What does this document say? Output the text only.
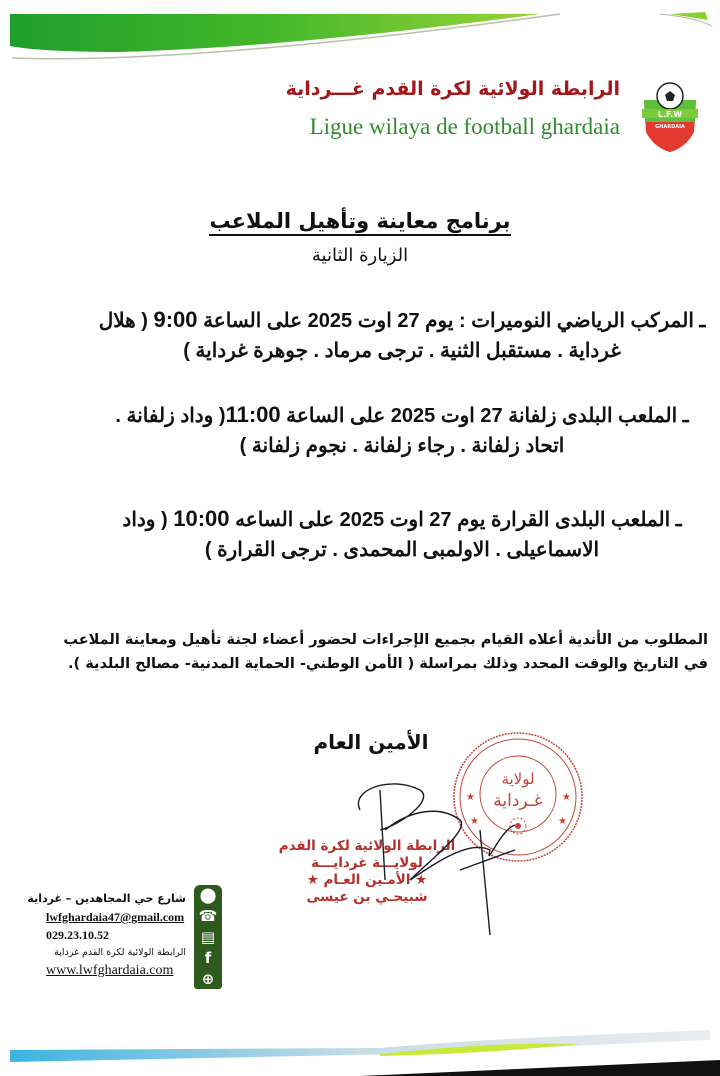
الرابطة الولائية لكرة القدم غـــرداية
Ligue wilaya de football ghardaia	L.F.W
GHARDAIA
برنامج معاينة وتأهيل الملاعب
الزيارة الثانية
ـ المركب الرياضي النوميرات : يوم 27 اوت 2025 على الساعة 9:00 ( هلال غرداية . مستقبل الثنية . ترجى مرماد . جوهرة غرداية )
ـ الملعب البلدى زلفانة 27 اوت 2025 على الساعة 11:00( وداد زلفانة . اتحاد زلفانة . رجاء زلفانة . نجوم زلفانة )
ـ الملعب البلدى القرارة يوم 27 اوت 2025 على الساعه 10:00 ( وداد الاسماعيلى . الاولمبى المحمدى . ترجى القرارة )
المطلوب من الأندية أعلاه القيام بجميع الإجراءات لحضور أعضاء لجنة تأهيل ومعاينة الملاعب في التاريخ والوقت المحدد وذلك بمراسلة ( الأمن الوطني- الحماية المدنية- مصالح البلدية ).
الأمين العام
لولاية
غـرداية
★	★
★	★
الرابطة الولائية لكرة القدم
لولايـــة غردايـــة
★ الأمـين العـام ★
شبيحـي بن عيسى
شارع حي المجاهدين – غرداية
lwfghardaia47@gmail.com
029.23.10.52
الرابطة الولائية لكرة القدم غرداية
www.lwfghardaia.com
⬤
☎
▤
f
⊕
